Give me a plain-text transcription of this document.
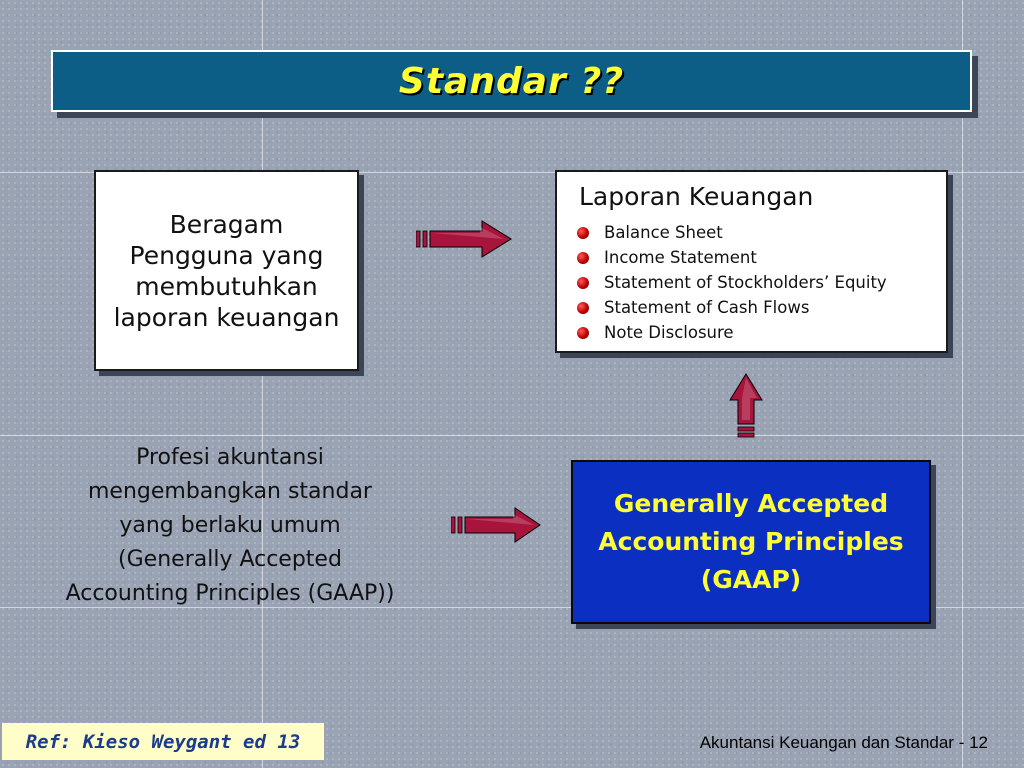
Standar ??
Beragam Pengguna yang membutuhkan laporan keuangan
Laporan Keuangan
Balance Sheet
Income Statement
Statement of Stockholders’ Equity
Statement of Cash Flows
Note Disclosure
Profesi akuntansi mengembangkan standar yang berlaku umum (Generally Accepted Accounting Principles (GAAP))
Generally Accepted Accounting Principles (GAAP)
Ref: Kieso Weygant ed 13	Akuntansi Keuangan dan Standar - 12
